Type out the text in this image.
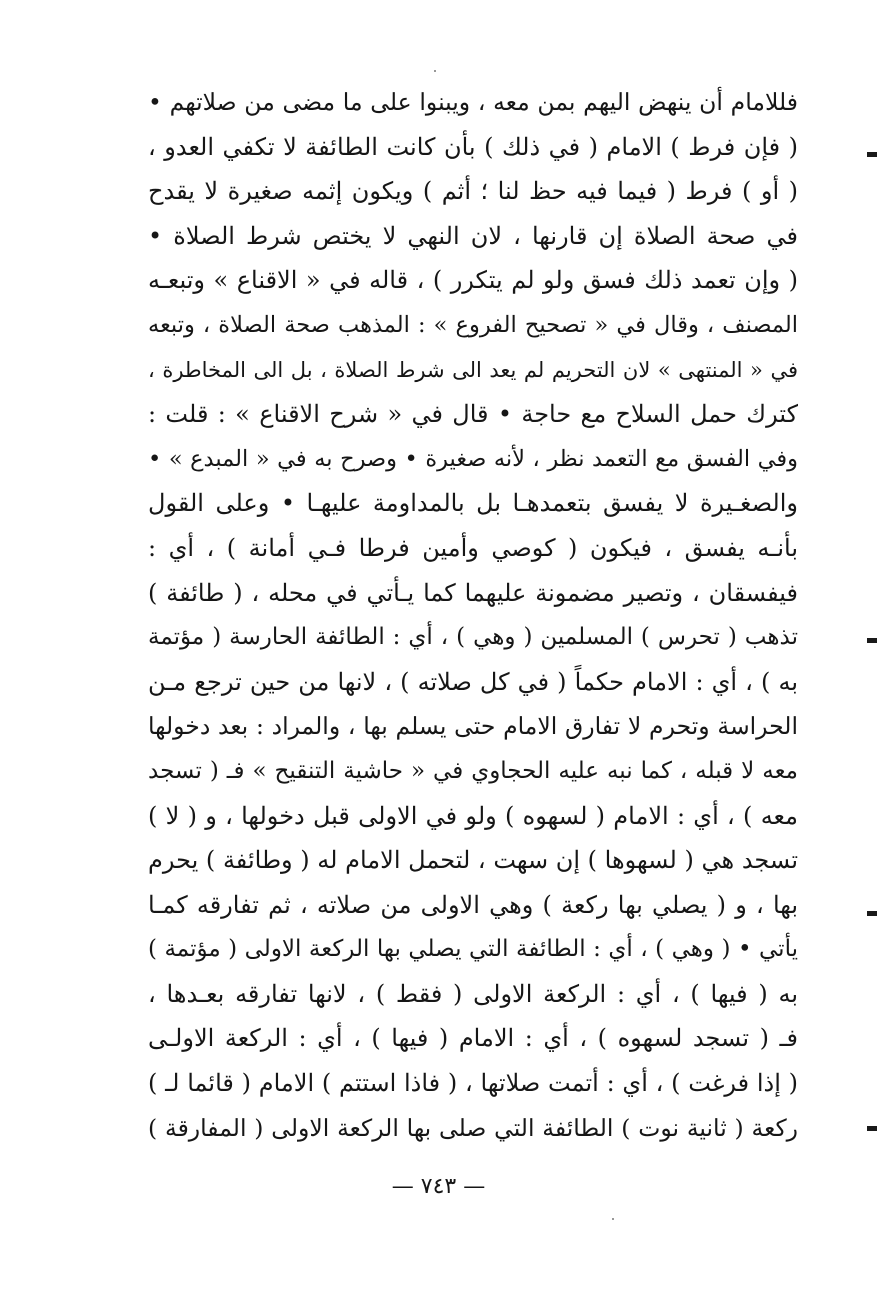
فللامام أن ينهض اليهم بمن معه ، ويبنوا على ما مضى من صلاتهم •
( فإن فرط ) الامام ( في ذلك ) بأن كانت الطائفة لا تكفي العدو ،
( أو ) فرط ( فيما فيه حظ لنا ؛ أثم ) ويكون إثمه صغيرة لا يقدح
في صحة الصلاة إن قارنها ، لان النهي لا يختص شرط الصلاة •
( وإن تعمد ذلك فسق ولو لم يتكرر ) ، قاله في « الاقناع » وتبعـه
المصنف ، وقال في « تصحيح الفروع » : المذهب صحة الصلاة ، وتبعه
في « المنتهى » لان التحريم لم يعد الى شرط الصلاة ، بل الى المخاطرة ،
كترك حمل السلاح مع حاجة • قال في « شرح الاقناع » : قلت :
وفي الفسق مع التعمد نظر ، لأنه صغيرة • وصرح به في « المبدع » •
والصغـيرة لا يفسق بتعمدهـا بل بالمداومة عليهـا • وعلى القول
بأنـه يفسق ، فيكون ( كوصي وأمين فرطا فـي أمانة ) ، أي :
فيفسقان ، وتصير مضمونة عليهما كما يـأتي في محله ، ( طائفة )
تذهب ( تحرس ) المسلمين ( وهي ) ، أي : الطائفة الحارسة ( مؤتمة
به ) ، أي : الامام حكماً ( في كل صلاته ) ، لانها من حين ترجع مـن
الحراسة وتحرم لا تفارق الامام حتى يسلم بها ، والمراد : بعد دخولها
معه لا قبله ، كما نبه عليه الحجاوي في « حاشية التنقيح » فـ ( تسجد
معه ) ، أي : الامام ( لسهوه ) ولو في الاولى قبل دخولها ، و ( لا )
تسجد هي ( لسهوها ) إن سهت ، لتحمل الامام له ( وطائفة ) يحرم
بها ، و ( يصلي بها ركعة ) وهي الاولى من صلاته ، ثم تفارقه كمـا
يأتي • ( وهي ) ، أي : الطائفة التي يصلي بها الركعة الاولى ( مؤتمة )
به ( فيها ) ، أي : الركعة الاولى ( فقط ) ، لانها تفارقه بعـدها ،
فـ ( تسجد لسهوه ) ، أي : الامام ( فيها ) ، أي : الركعة الاولـى
( إذا فرغت ) ، أي : أتمت صلاتها ، ( فاذا استتم ) الامام ( قائما لـ )
ركعة ( ثانية نوت ) الطائفة التي صلى بها الركعة الاولى ( المفارقة )
— ٧٤٣ —
